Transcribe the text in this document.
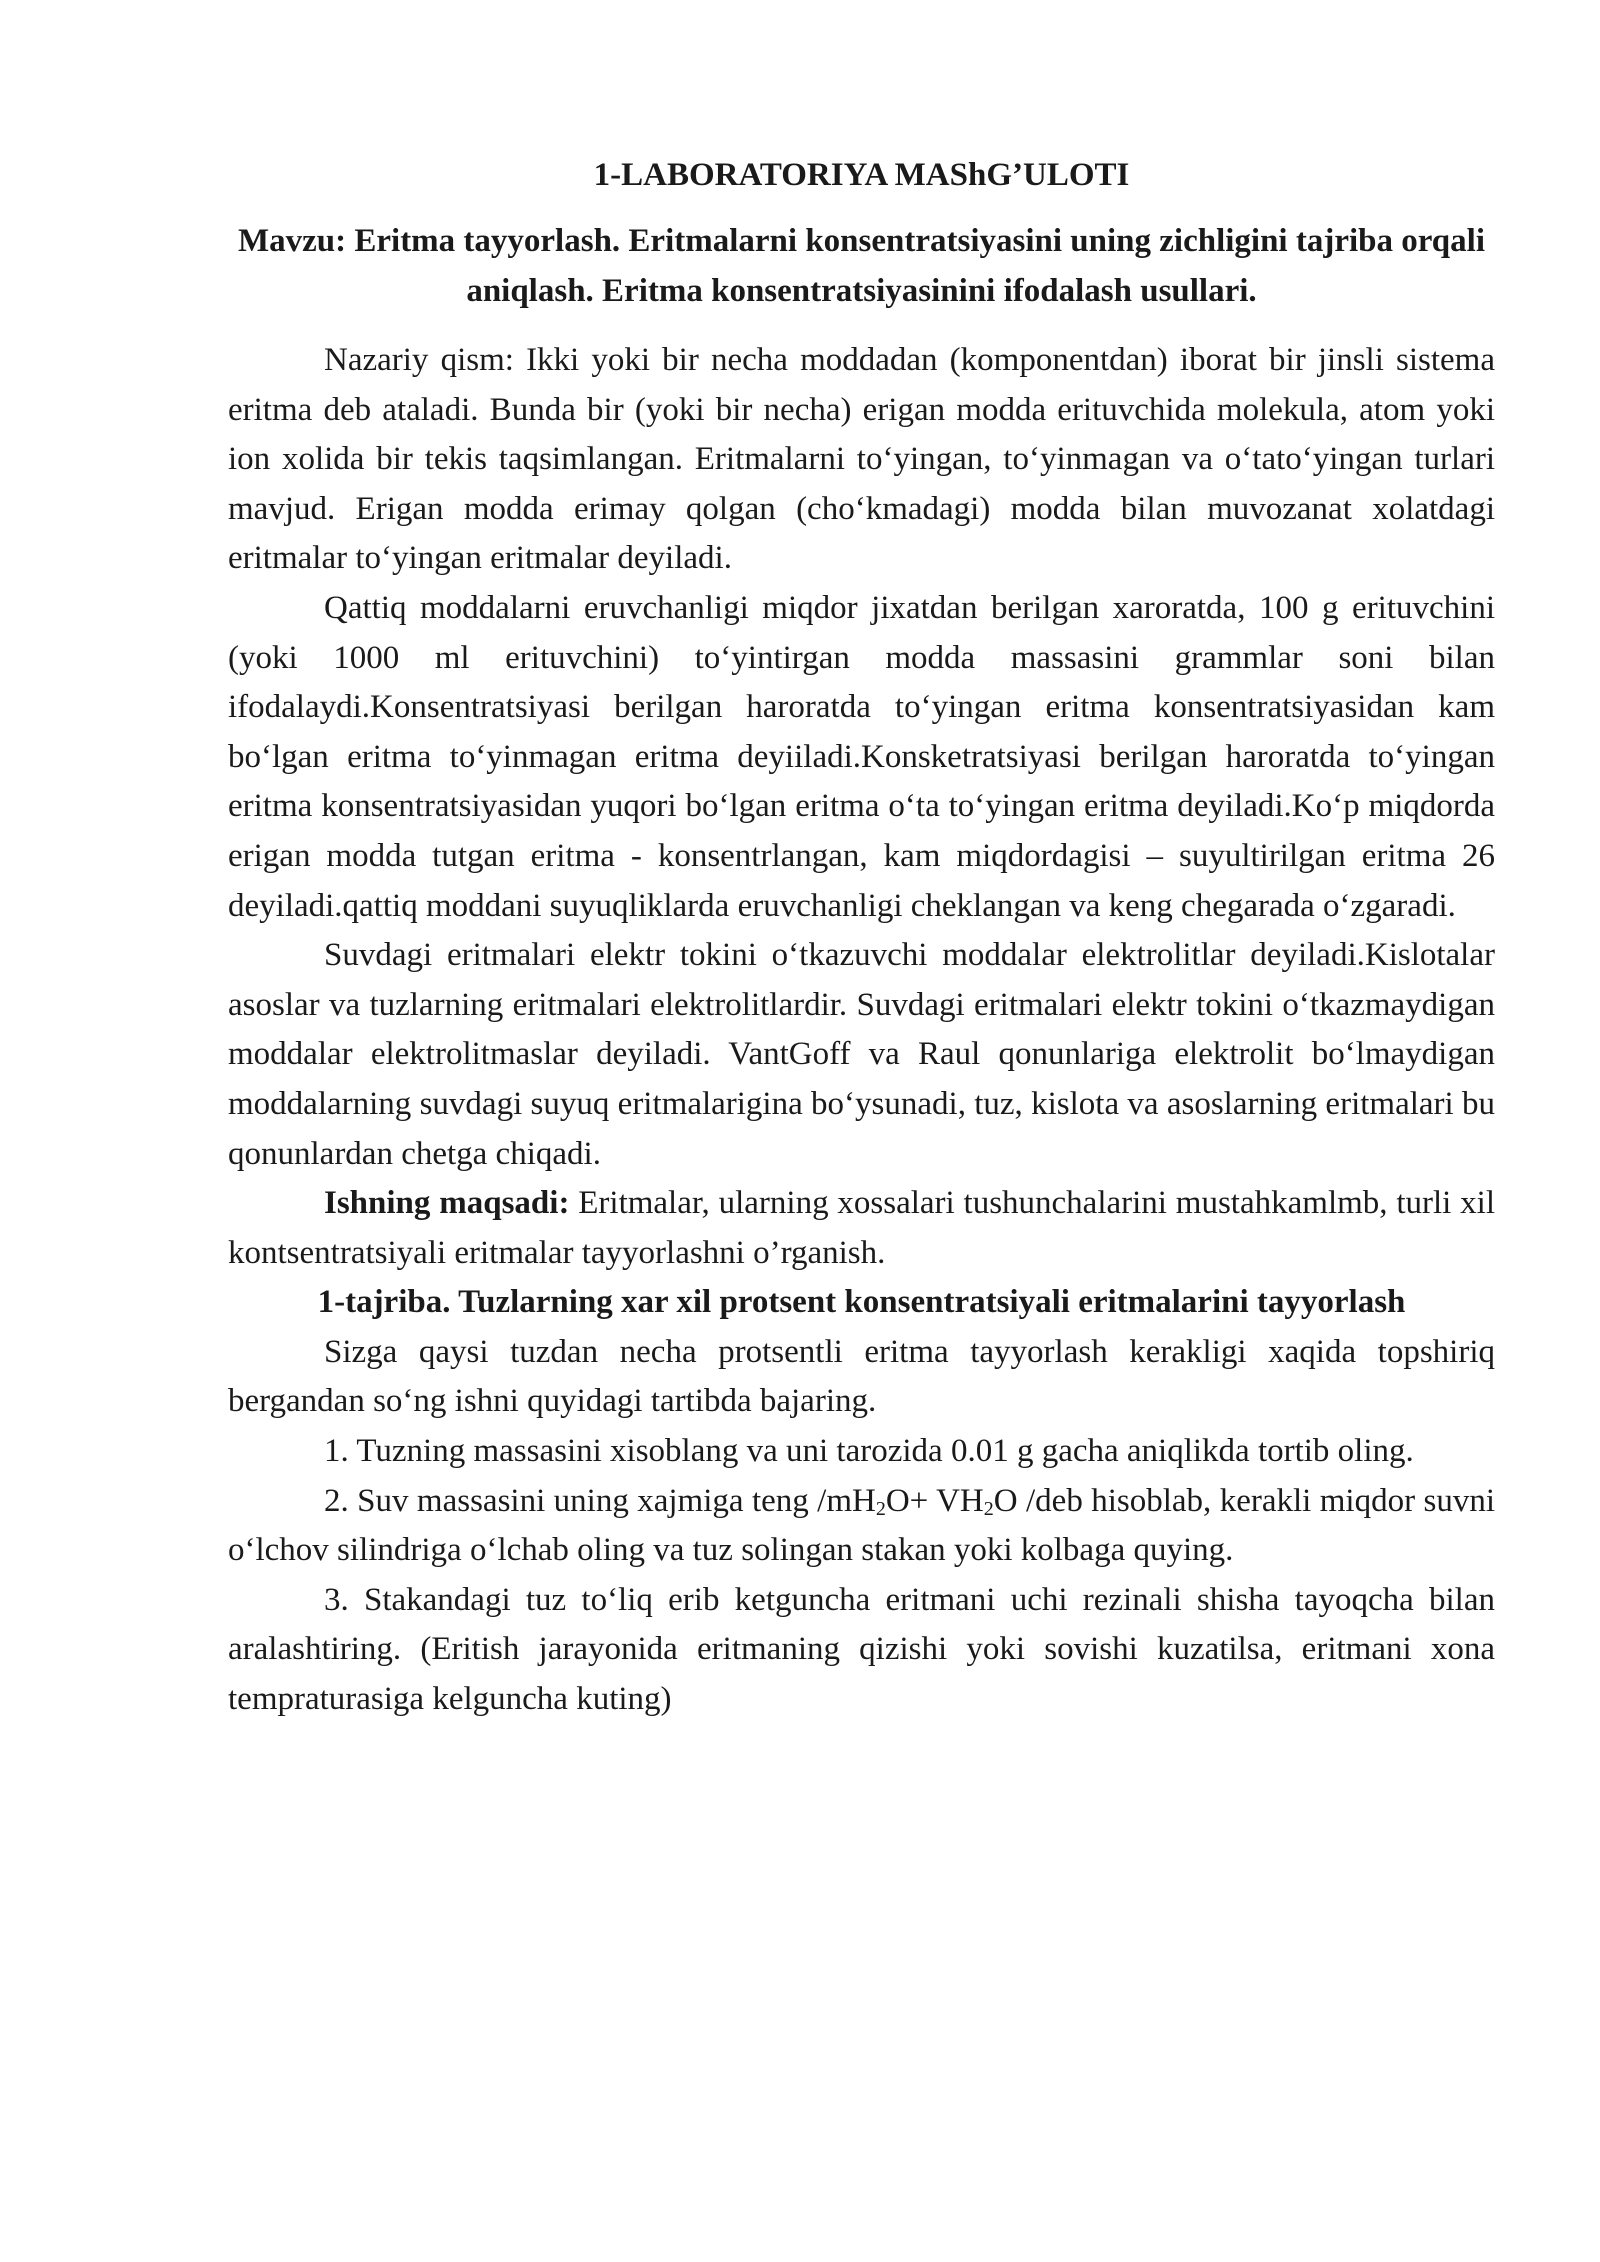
1-LABORATORIYA MAShG’ULOTI
Mavzu: Eritma tayyorlash. Eritmalarni konsentratsiyasini uning zichligini tajriba orqali aniqlash. Eritma konsentratsiyasinini ifodalash usullari.

Nazariy qism: Ikki yoki bir necha moddadan (komponentdan) iborat bir jinsli sistema eritma deb ataladi. Bunda bir (yoki bir necha) erigan modda erituvchida molekula, atom yoki ion xolida bir tekis taqsimlangan. Eritmalarni to‘yingan, to‘yinmagan va o‘tato‘yingan turlari mavjud. Erigan modda erimay qolgan (cho‘kmadagi) modda bilan muvozanat xolatdagi eritmalar to‘yingan eritmalar deyiladi.

Qattiq moddalarni eruvchanligi miqdor jixatdan berilgan xaroratda, 100 g erituvchini (yoki 1000 ml erituvchini) to‘yintirgan modda massasini grammlar soni bilan ifodalaydi.Konsentratsiyasi berilgan haroratda to‘yingan eritma konsentratsiyasidan kam bo‘lgan eritma to‘yinmagan eritma deyiiladi.Konsketratsiyasi berilgan haroratda to‘yingan eritma konsentratsiyasidan yuqori bo‘lgan eritma o‘ta to‘yingan eritma deyiladi.Ko‘p miqdorda erigan modda tutgan eritma - konsentrlangan, kam miqdordagisi – suyultirilgan eritma 26 deyiladi.qattiq moddani suyuqliklarda eruvchanligi cheklangan va keng chegarada o‘zgaradi.

Suvdagi eritmalari elektr tokini o‘tkazuvchi moddalar elektrolitlar deyiladi.Kislotalar asoslar va tuzlarning eritmalari elektrolitlardir. Suvdagi eritmalari elektr tokini o‘tkazmaydigan moddalar elektrolitmaslar deyiladi. VantGoff va Raul qonunlariga elektrolit bo‘lmaydigan moddalarning suvdagi suyuq eritmalarigina bo‘ysunadi, tuz, kislota va asoslarning eritmalari bu qonunlardan chetga chiqadi.

Ishning maqsadi: Eritmalar, ularning xossalari tushunchalarini mustahkamlmb, turli xil kontsentratsiyali eritmalar tayyorlashni o’rganish.

1-tajriba. Tuzlarning xar xil protsent konsentratsiyali eritmalarini tayyorlash

Sizga qaysi tuzdan necha protsentli eritma tayyorlash kerakligi xaqida topshiriq bergandan so‘ng ishni quyidagi tartibda bajaring.

1. Tuzning massasini xisoblang va uni tarozida 0.01 g gacha aniqlikda tortib oling.

2. Suv massasini uning xajmiga teng $/mH_2O+ VH_2O$ /deb hisoblab, kerakli miqdor suvni o‘lchov silindriga o‘lchab oling va tuz solingan stakan yoki kolbaga quying.

3. Stakandagi tuz to‘liq erib ketguncha eritmani uchi rezinali shisha tayoqcha bilan aralashtiring. (Eritish jarayonida eritmaning qizishi yoki sovishi kuzatilsa, eritmani xona tempraturasiga kelguncha kuting)
